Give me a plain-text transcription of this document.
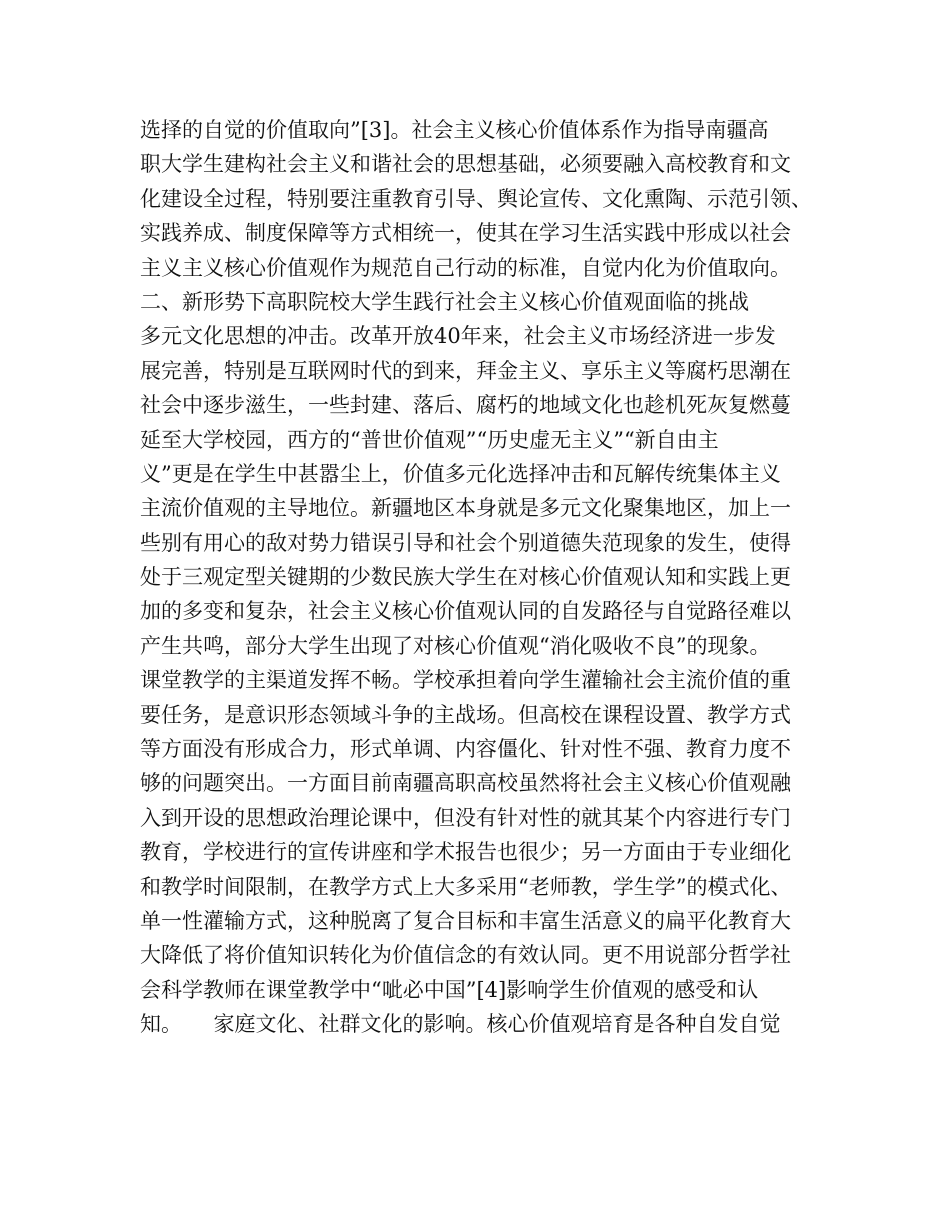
选择的自觉的价值取向”[3]。社会主义核心价值体系作为指导南疆高
职大学生建构社会主义和谐社会的思想基础，必须要融入高校教育和文
化建设全过程，特别要注重教育引导、舆论宣传、文化熏陶、示范引领、
实践养成、制度保障等方式相统一，使其在学习生活实践中形成以社会
主义主义核心价值观作为规范自己行动的标准，自觉内化为价值取向。
二、新形势下高职院校大学生践行社会主义核心价值观面临的挑战
多元文化思想的冲击。改革开放40年来，社会主义市场经济进一步发
展完善，特别是互联网时代的到来，拜金主义、享乐主义等腐朽思潮在
社会中逐步滋生，一些封建、落后、腐朽的地域文化也趁机死灰复燃蔓
延至大学校园，西方的“普世价值观”“历史虚无主义”“新自由主
义”更是在学生中甚嚣尘上，价值多元化选择冲击和瓦解传统集体主义
主流价值观的主导地位。新疆地区本身就是多元文化聚集地区，加上一
些别有用心的敌对势力错误引导和社会个别道德失范现象的发生，使得
处于三观定型关键期的少数民族大学生在对核心价值观认知和实践上更
加的多变和复杂，社会主义核心价值观认同的自发路径与自觉路径难以
产生共鸣，部分大学生出现了对核心价值观“消化吸收不良”的现象。
课堂教学的主渠道发挥不畅。学校承担着向学生灌输社会主流价值的重
要任务，是意识形态领域斗争的主战场。但高校在课程设置、教学方式
等方面没有形成合力，形式单调、内容僵化、针对性不强、教育力度不
够的问题突出。一方面目前南疆高职高校虽然将社会主义核心价值观融
入到开设的思想政治理论课中，但没有针对性的就其某个内容进行专门
教育，学校进行的宣传讲座和学术报告也很少；另一方面由于专业细化
和教学时间限制，在教学方式上大多采用“老师教，学生学”的模式化、
单一性灌输方式，这种脱离了复合目标和丰富生活意义的扁平化教育大
大降低了将价值知识转化为价值信念的有效认同。更不用说部分哲学社
会科学教师在课堂教学中“呲必中国”[4]影响学生价值观的感受和认
知。　　家庭文化、社群文化的影响。核心价值观培育是各种自发自觉
